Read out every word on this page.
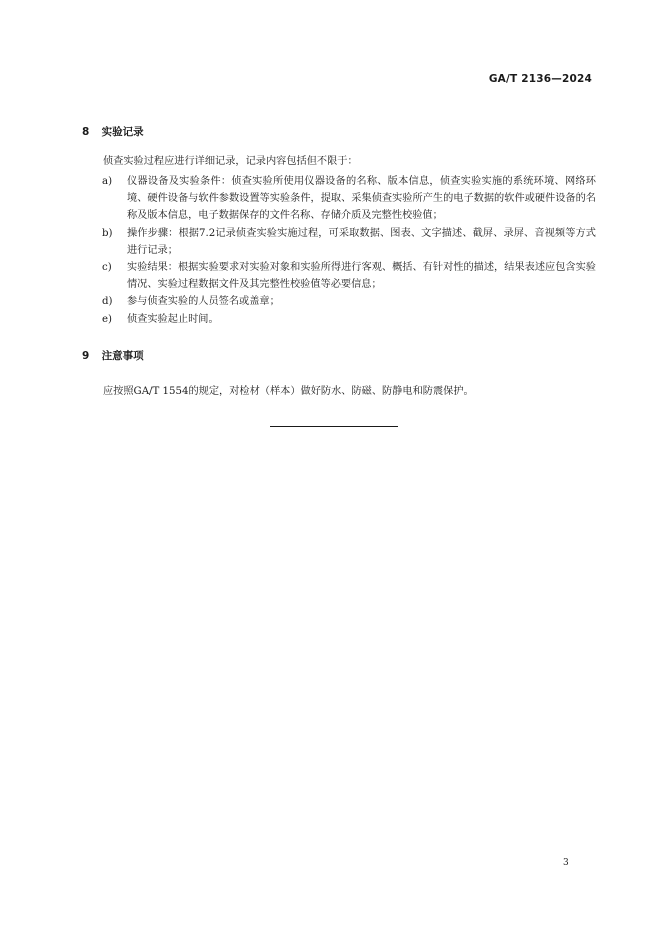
GA/T 2136—2024
8 实验记录
侦查实验过程应进行详细记录，记录内容包括但不限于：
a) 仪器设备及实验条件：侦查实验所使用仪器设备的名称、版本信息，侦查实验实施的系统环境、网络环境、硬件设备与软件参数设置等实验条件，提取、采集侦查实验所产生的电子数据的软件或硬件设备的名称及版本信息，电子数据保存的文件名称、存储介质及完整性校验值；
b) 操作步骤：根据7.2记录侦查实验实施过程，可采取数据、图表、文字描述、截屏、录屏、音视频等方式进行记录；
c) 实验结果：根据实验要求对实验对象和实验所得进行客观、概括、有针对性的描述，结果表述应包含实验情况、实验过程数据文件及其完整性校验值等必要信息；
d) 参与侦查实验的人员签名或盖章；
e) 侦查实验起止时间。
9 注意事项
应按照GA/T 1554的规定，对检材（样本）做好防水、防磁、防静电和防震保护。
3
